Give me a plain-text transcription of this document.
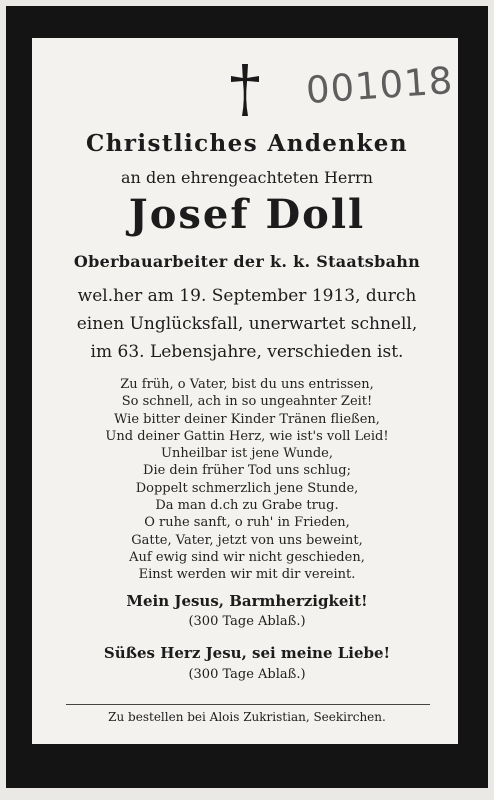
001018
Christliches Andenken
an den ehrengeachteten Herrn
Josef Doll
Oberbauarbeiter der k. k. Staatsbahn
wel.her am 19. September 1913, durch
einen Unglücksfall, unerwartet schnell,
im 63. Lebensjahre, verschieden ist.
Zu früh, o Vater, bist du uns entrissen,
So schnell, ach in so ungeahnter Zeit!
Wie bitter deiner Kinder Tränen fließen,
Und deiner Gattin Herz, wie ist's voll Leid!
Unheilbar ist jene Wunde,
Die dein früher Tod uns schlug;
Doppelt schmerzlich jene Stunde,
Da man d.ch zu Grabe trug.
O ruhe sanft, o ruh' in Frieden,
Gatte, Vater, jetzt von uns beweint,
Auf ewig sind wir nicht geschieden,
Einst werden wir mit dir vereint.
Mein Jesus, Barmherzigkeit!
(300 Tage Ablaß.)
Süßes Herz Jesu, sei meine Liebe!
(300 Tage Ablaß.)
Zu bestellen bei Alois Zukristian, Seekirchen.
